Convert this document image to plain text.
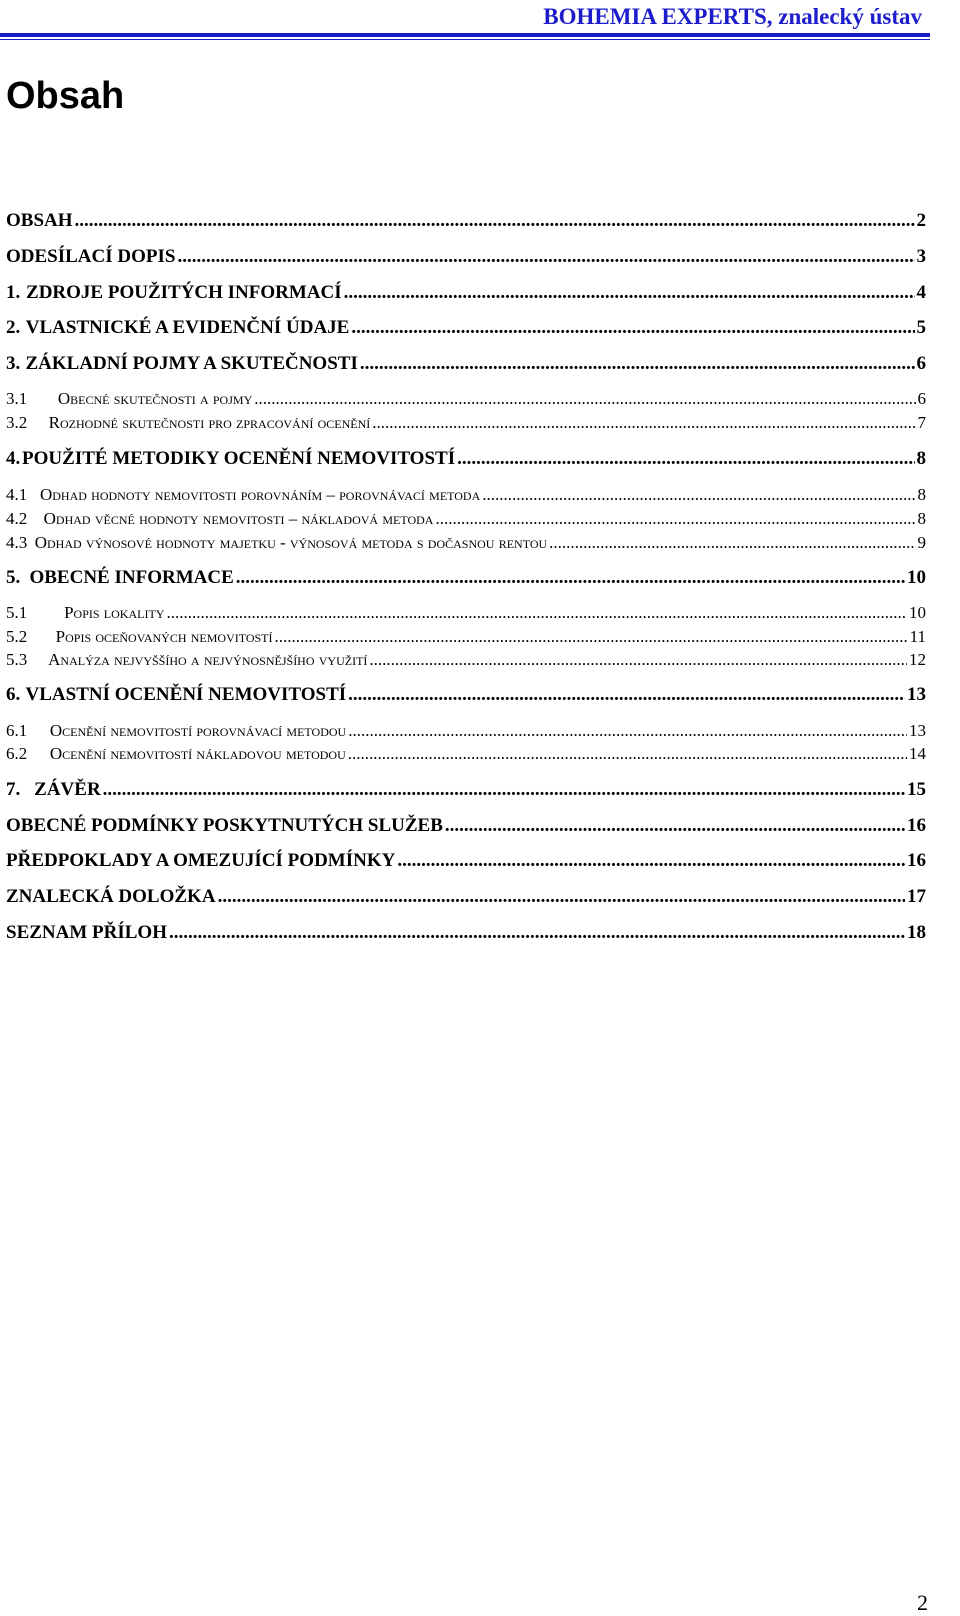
BOHEMIA EXPERTS, znalecký ústav
Obsah
OBSAH .....	2
ODESÍLACÍ DOPIS .....	3
1. ZDROJE POUŽITÝCH INFORMACÍ .....	4
2. VLASTNICKÉ A EVIDENČNÍ ÚDAJE .....	5
3. ZÁKLADNÍ POJMY A SKUTEČNOSTI .....	6
3.1	Obecné skutečnosti a pojmy .....	6
3.2	Rozhodné skutečnosti pro zpracování ocenění .....	7
4. POUŽITÉ METODIKY OCENĚNÍ NEMOVITOSTÍ .....	8
4.1 Odhad hodnoty nemovitosti porovnáním – porovnávací metoda .....	8
4.2 Odhad věcné hodnoty nemovitosti – nákladová metoda .....	8
4.3 Odhad výnosové hodnoty majetku - výnosová metoda s dočasnou rentou .....	9
5. OBECNÉ INFORMACE .....	10
5.1	Popis lokality .....	10
5.2	Popis oceňovaných nemovitostí .....	11
5.3	Analýza nejvyššího a nejvýnosnějšího využití .....	12
6. VLASTNÍ OCENĚNÍ NEMOVITOSTÍ .....	13
6.1	Ocenění nemovitostí porovnávací metodou .....	13
6.2	Ocenění nemovitostí nákladovou metodou .....	14
7. ZÁVĚR .....	15
OBECNÉ PODMÍNKY POSKYTNUTÝCH SLUŽEB .....	16
PŘEDPOKLADY A OMEZUJÍCÍ PODMÍNKY .....	16
ZNALECKÁ DOLOŽKA .....	17
SEZNAM PŘÍLOH .....	18
2
